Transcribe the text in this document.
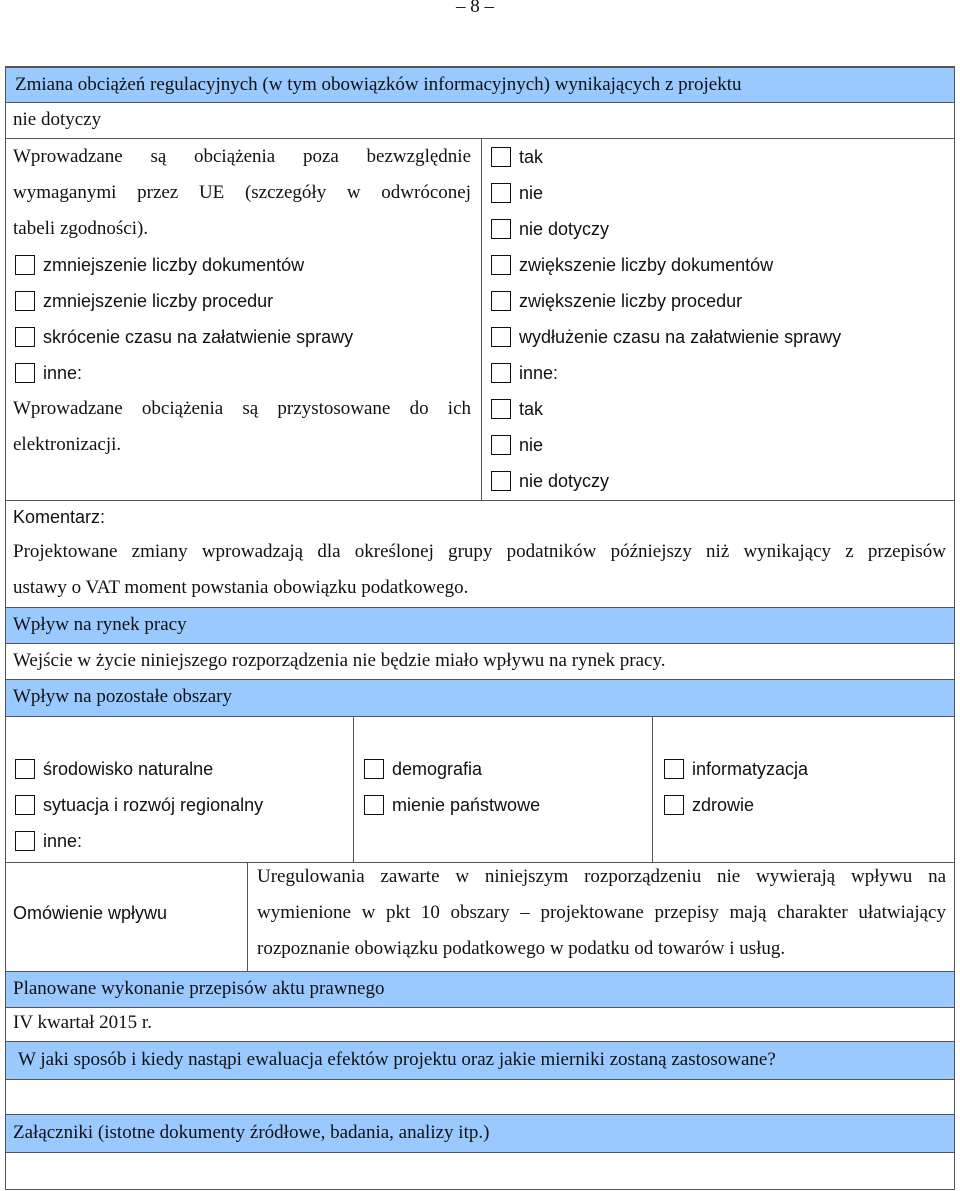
– 8 –
Zmiana obciążeń regulacyjnych (w tym obowiązków informacyjnych) wynikających z projektu
nie dotyczy
Wprowadzane są obciążenia poza bezwzględnie
wymaganymi przez UE (szczegóły w odwróconej
tabeli zgodności).
tak
nie
nie dotyczy
zmniejszenie liczby dokumentów
zmniejszenie liczby procedur
skrócenie czasu na załatwienie sprawy
inne:
zwiększenie liczby dokumentów
zwiększenie liczby procedur
wydłużenie czasu na załatwienie sprawy
inne:
Wprowadzane obciążenia są przystosowane do ich
elektronizacji.
tak
nie
nie dotyczy
Komentarz:
Projektowane zmiany wprowadzają dla określonej grupy podatników późniejszy niż wynikający z przepisów
ustawy o VAT moment powstania obowiązku podatkowego.
Wpływ na rynek pracy
Wejście w życie niniejszego rozporządzenia nie będzie miało wpływu na rynek pracy.
Wpływ na pozostałe obszary
środowisko naturalne
sytuacja i rozwój regionalny
inne:
demografia
mienie państwowe
informatyzacja
zdrowie
Omówienie wpływu
Uregulowania zawarte w niniejszym rozporządzeniu nie wywierają wpływu na
wymienione w pkt 10 obszary – projektowane przepisy mają charakter ułatwiający
rozpoznanie obowiązku podatkowego w podatku od towarów i usług.
Planowane wykonanie przepisów aktu prawnego
IV kwartał 2015 r.
W jaki sposób i kiedy nastąpi ewaluacja efektów projektu oraz jakie mierniki zostaną zastosowane?
Załączniki (istotne dokumenty źródłowe, badania, analizy itp.)
